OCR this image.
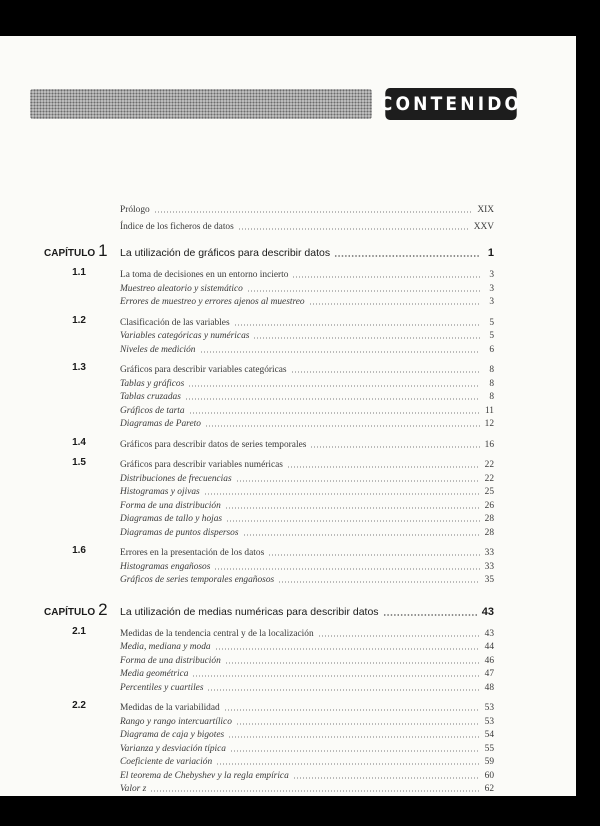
CONTENIDO
Prólogo	XIX
Índice de los ficheros de datos	XXV
CAPÍTULO 1 La utilización de gráficos para describir datos	1
1.1	La toma de decisiones en un entorno incierto	3
Muestreo aleatorio y sistemático	3
Errores de muestreo y errores ajenos al muestreo	3
1.2	Clasificación de las variables	5
Variables categóricas y numéricas	5
Niveles de medición	6
1.3	Gráficos para describir variables categóricas	8
Tablas y gráficos	8
Tablas cruzadas	8
Gráficos de tarta	11
Diagramas de Pareto	12
1.4	Gráficos para describir datos de series temporales	16
1.5	Gráficos para describir variables numéricas	22
Distribuciones de frecuencias	22
Histogramas y ojivas	25
Forma de una distribución	26
Diagramas de tallo y hojas	28
Diagramas de puntos dispersos	28
1.6	Errores en la presentación de los datos	33
Histogramas engañosos	33
Gráficos de series temporales engañosos	35
CAPÍTULO 2 La utilización de medias numéricas para describir datos	43
2.1	Medidas de la tendencia central y de la localización	43
Media, mediana y moda	44
Forma de una distribución	46
Media geométrica	47
Percentiles y cuartiles	48
2.2	Medidas de la variabilidad	53
Rango y rango intercuartílico	53
Diagrama de caja y bigotes	54
Varianza y desviación típica	55
Coeficiente de variación	59
El teorema de Chebyshev y la regla empírica	60
Valor z	62
